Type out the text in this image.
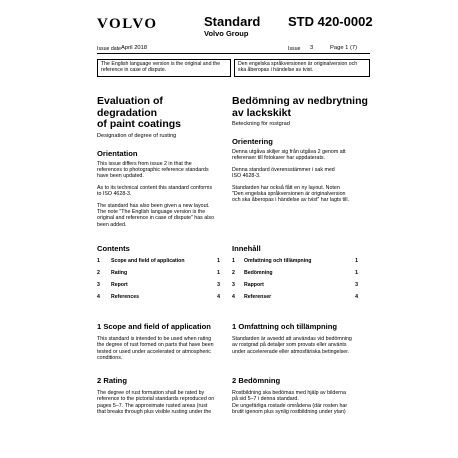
VOLVO	Standard
Volvo Group
STD 420-0002
Issue date April 2018	Issue 3	Page 1 (7)
The English language version is the original and the reference in case of dispute.
Den engelska språkversionen är originalversion och ska åberopas i händelse av tvist.
Evaluation of degradation
of paint coatings
Designation of degree of rusting
Orientation
This issue differs from issue 2 in that the
references to photographic reference standards
have been updated.
As to its technical content this standard conforms
to ISO 4628-3.
The standard has also been given a new layout.
The note "The English language version is the
original and reference in case of dispute" has also
been added.
Bedömning av nedbrytning
av lackskikt
Beteckning för rostgrad
Orientering
Denna utgåva skiljer sig från utgåva 2 genom att
referenser till fotokarer har uppdaterats.
Denna standard överensstämmer i sak med
ISO 4628-3.
Standarden har också fått en ny layout. Noten
"Den engelska språkversionen är originalversion
och ska åberopas i händelse av tvist" har lagts till.
Contents
1 Scope and field of application	1
2 Rating	1
3 Report	3
4 References	4
Innehåll
1 Omfattning och tillämpning	1
2 Bedömning	1
3 Rapport	3
4 Referenser	4
1 Scope and field of application
This standard is intended to be used when rating
the degree of rust formed on parts that have been
tested or used under accelerated or atmospheric
conditions.
1 Omfattning och tillämpning
Standarden är avsedd att användas vid bedömning
av rostgrad på detaljer som provats eller använts
under accelererade eller atmosfäriska betingelser.
2 Rating
The degree of rust formation shall be rated by
reference to the pictorial standards reproduced on
pages 5–7. The approximate rusted areas (rust
that breaks through plus visible rusting under the
2 Bedömning
Rostbildning ska bedömas med hjälp av bilderna
på sid 5–7 i denna standard.
De ungefärliga rostade områdena (där rosten har
brutit igenom plus synlig rostbildning under ytan)
